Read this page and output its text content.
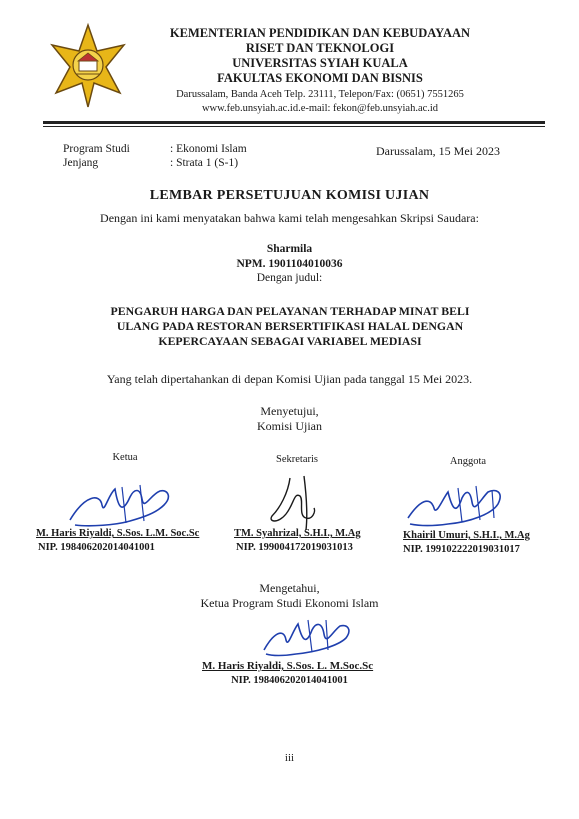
KEMENTERIAN PENDIDIKAN DAN KEBUDAYAAN
RISET DAN TEKNOLOGI
UNIVERSITAS SYIAH KUALA
FAKULTAS EKONOMI DAN BISNIS
Darussalam, Banda Aceh Telp. 23111, Telepon/Fax: (0651) 7551265
www.feb.unsyiah.ac.id.e-mail: fekon@feb.unsyiah.ac.id
Program Studi	: Ekonomi Islam
Jenjang	: Strata 1 (S-1)
Darussalam, 15 Mei 2023
LEMBAR PERSETUJUAN KOMISI UJIAN
Dengan ini kami menyatakan bahwa kami telah mengesahkan Skripsi Saudara:
Sharmila
NPM. 1901104010036
Dengan judul:
PENGARUH HARGA DAN PELAYANAN TERHADAP MINAT BELI
ULANG PADA RESTORAN BERSERTIFIKASI HALAL DENGAN
KEPERCAYAAN SEBAGAI VARIABEL MEDIASI
Yang telah dipertahankan di depan Komisi Ujian pada tanggal 15 Mei 2023.
Menyetujui,
Komisi Ujian
Ketua	Sekretaris	Anggota
M. Haris Riyaldi, S.Sos. L.M. Soc.Sc
NIP. 198406202014041001
TM. Syahrizal, S.H.I., M.Ag
NIP. 199004172019031013
Khairil Umuri, S.H.I., M.Ag
NIP. 199102222019031017
Mengetahui,
Ketua Program Studi Ekonomi Islam
M. Haris Riyaldi, S.Sos. L. M.Soc.Sc
NIP. 198406202014041001
iii
